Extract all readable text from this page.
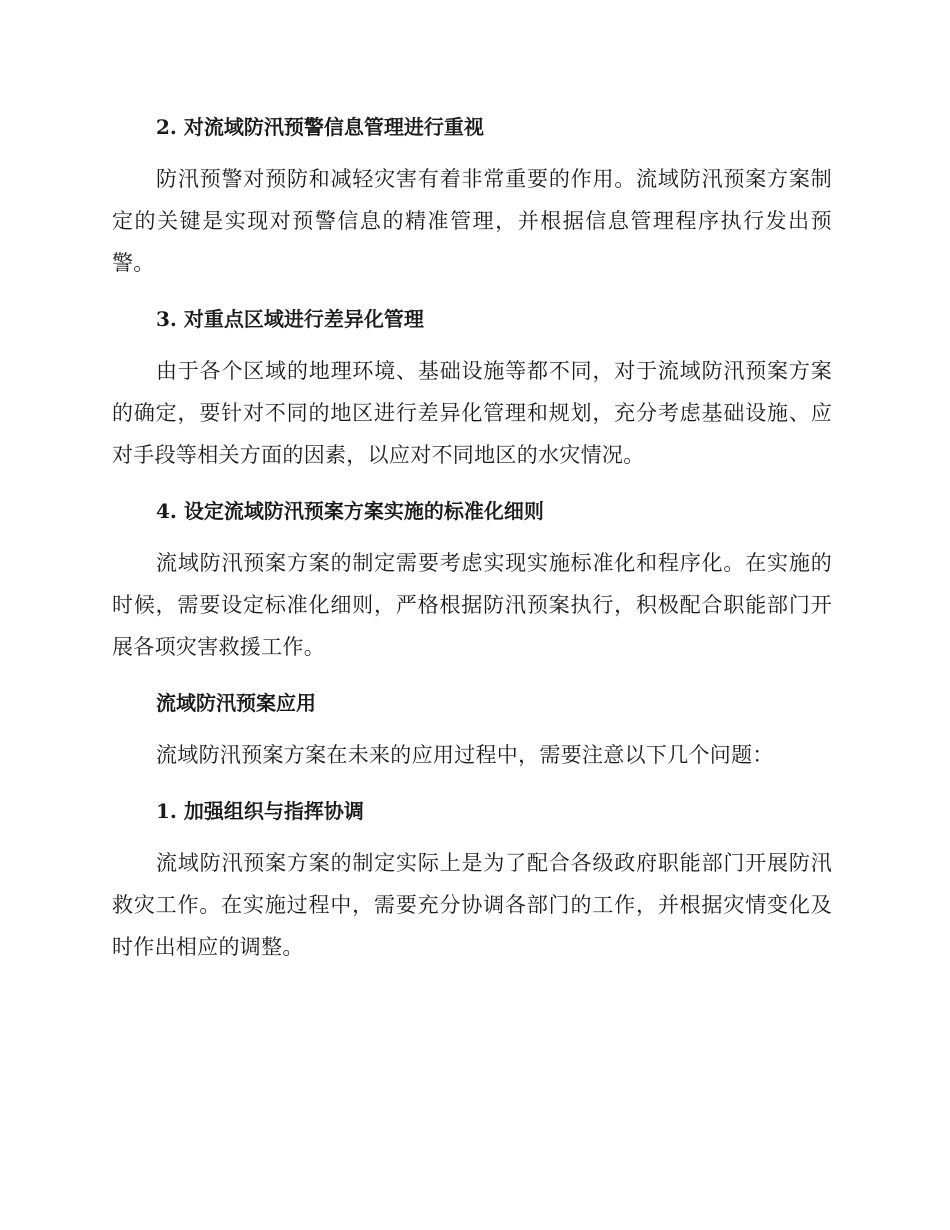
2. 对流域防汛预警信息管理进行重视

防汛预警对预防和减轻灾害有着非常重要的作用。流域防汛预案方案制定的关键是实现对预警信息的精准管理，并根据信息管理程序执行发出预警。

3. 对重点区域进行差异化管理

由于各个区域的地理环境、基础设施等都不同，对于流域防汛预案方案的确定，要针对不同的地区进行差异化管理和规划，充分考虑基础设施、应对手段等相关方面的因素，以应对不同地区的水灾情况。

4. 设定流域防汛预案方案实施的标准化细则

流域防汛预案方案的制定需要考虑实现实施标准化和程序化。在实施的时候，需要设定标准化细则，严格根据防汛预案执行，积极配合职能部门开展各项灾害救援工作。

流域防汛预案应用

流域防汛预案方案在未来的应用过程中，需要注意以下几个问题：

1. 加强组织与指挥协调

流域防汛预案方案的制定实际上是为了配合各级政府职能部门开展防汛救灾工作。在实施过程中，需要充分协调各部门的工作，并根据灾情变化及时作出相应的调整。
